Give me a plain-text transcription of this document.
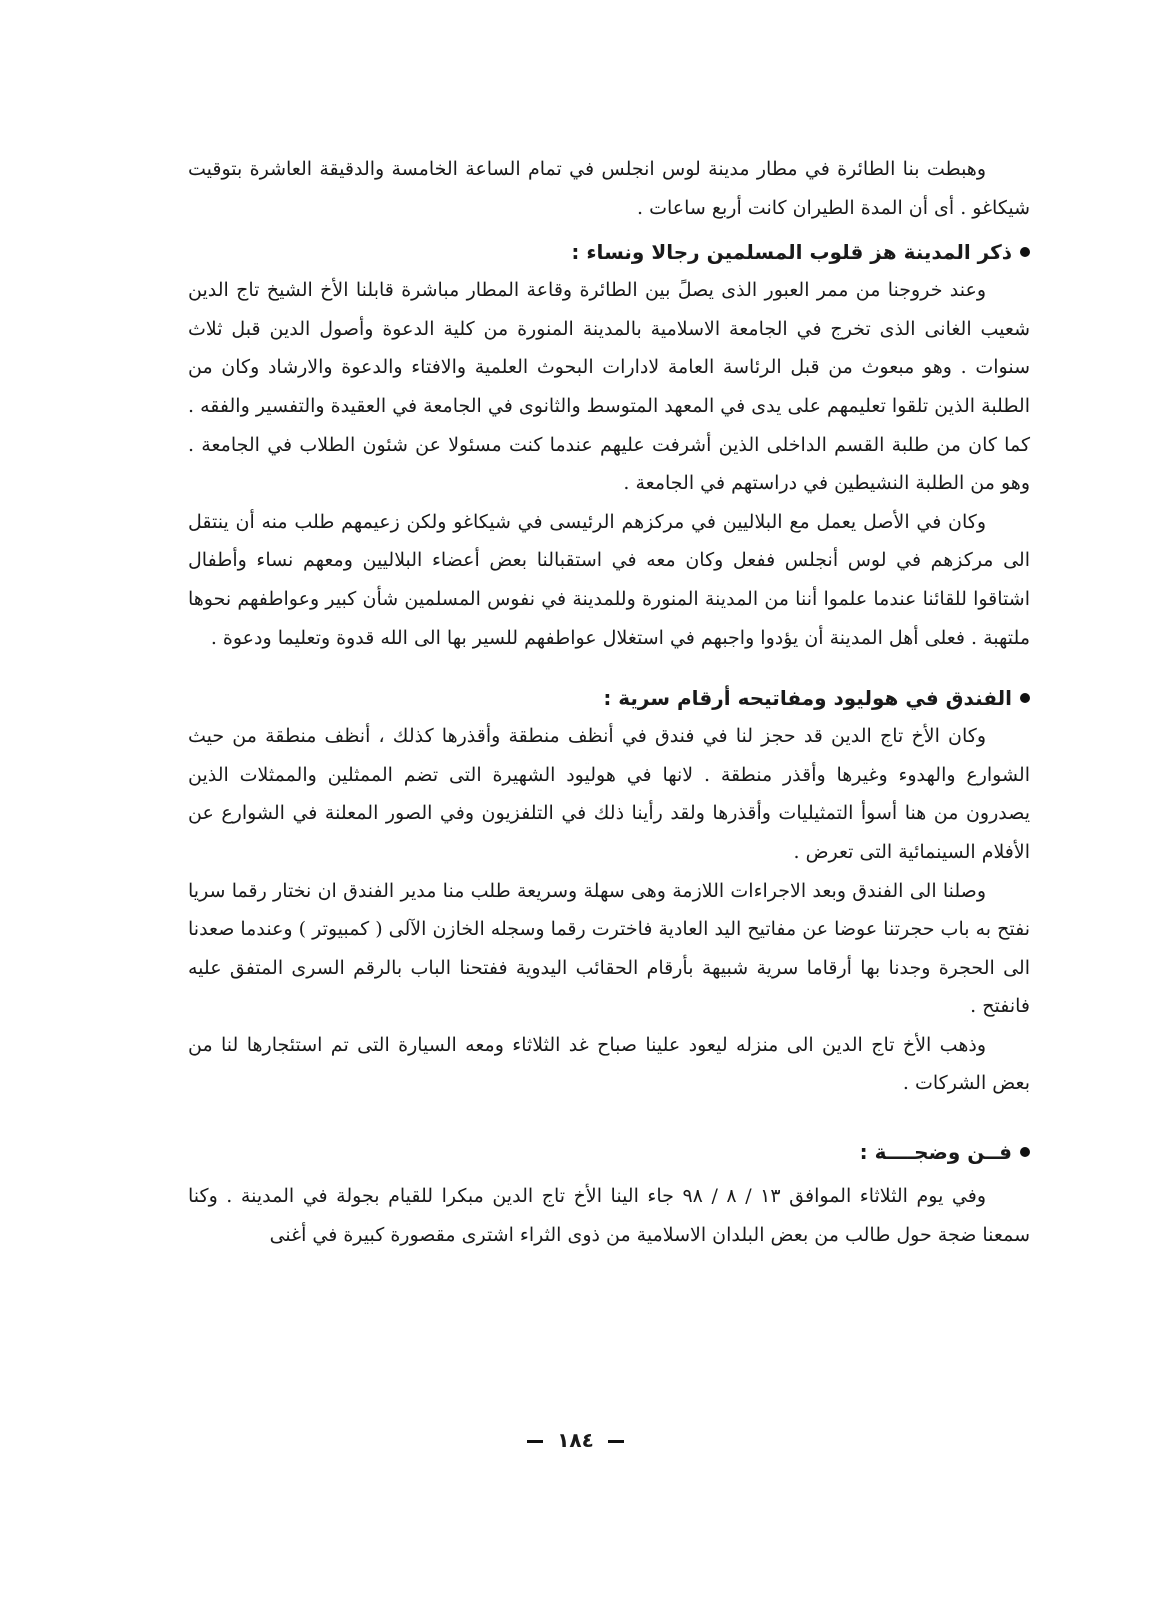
وهبطت بنا الطائرة في مطار مدينة لوس انجلس في تمام الساعة الخامسة والدقيقة العاشرة بتوقيت شيكاغو . أى أن المدة الطيران كانت أربع ساعات .

ذكر المدينة هز قلوب المسلمين رجالا ونساء :

وعند خروجنا من ممر العبور الذى يصلً بين الطائرة وقاعة المطار مباشرة قابلنا الأخ الشيخ تاج الدين شعيب الغانى الذى تخرج في الجامعة الاسلامية بالمدينة المنورة من كلية الدعوة وأصول الدين قبل ثلاث سنوات . وهو مبعوث من قبل الرئاسة العامة لادارات البحوث العلمية والافتاء والدعوة والارشاد وكان من الطلبة الذين تلقوا تعليمهم على يدى في المعهد المتوسط والثانوى في الجامعة في العقيدة والتفسير والفقه . كما كان من طلبة القسم الداخلى الذين أشرفت عليهم عندما كنت مسئولا عن شئون الطلاب في الجامعة . وهو من الطلبة النشيطين في دراستهم في الجامعة .

وكان في الأصل يعمل مع البلاليين في مركزهم الرئيسى في شيكاغو ولكن زعيمهم طلب منه أن ينتقل الى مركزهم في لوس أنجلس ففعل وكان معه في استقبالنا بعض أعضاء البلاليين ومعهم نساء وأطفال اشتاقوا للقائنا عندما علموا أننا من المدينة المنورة وللمدينة في نفوس المسلمين شأن كبير وعواطفهم نحوها ملتهبة . فعلى أهل المدينة أن يؤدوا واجبهم في استغلال عواطفهم للسير بها الى الله قدوة وتعليما ودعوة .

الفندق في هوليود ومفاتيحه أرقام سرية :

وكان الأخ تاج الدين قد حجز لنا في فندق في أنظف منطقة وأقذرها كذلك ، أنظف منطقة من حيث الشوارع والهدوء وغيرها وأقذر منطقة . لانها في هوليود الشهيرة التى تضم الممثلين والممثلات الذين يصدرون من هنا أسوأ التمثيليات وأقذرها ولقد رأينا ذلك في التلفزيون وفي الصور المعلنة في الشوارع عن الأفلام السينمائية التى تعرض .

وصلنا الى الفندق وبعد الاجراءات اللازمة وهى سهلة وسريعة طلب منا مدير الفندق ان نختار رقما سريا نفتح به باب حجرتنا عوضا عن مفاتيح اليد العادية فاخترت رقما وسجله الخازن الآلى ( كمبيوتر ) وعندما صعدنا الى الحجرة وجدنا بها أرقاما سرية شبيهة بأرقام الحقائب اليدوية ففتحنا الباب بالرقم السرى المتفق عليه فانفتح .

وذهب الأخ تاج الدين الى منزله ليعود علينا صباح غد الثلاثاء ومعه السيارة التى تم استئجارها لنا من بعض الشركات .

فــن وضجــــة :

وفي يوم الثلاثاء الموافق ١٣ / ٨ / ٩٨ جاء الينا الأخ تاج الدين مبكرا للقيام بجولة في المدينة . وكنا سمعنا ضجة حول طالب من بعض البلدان الاسلامية من ذوى الثراء اشترى مقصورة كبيرة في أغنى

١٨٤
